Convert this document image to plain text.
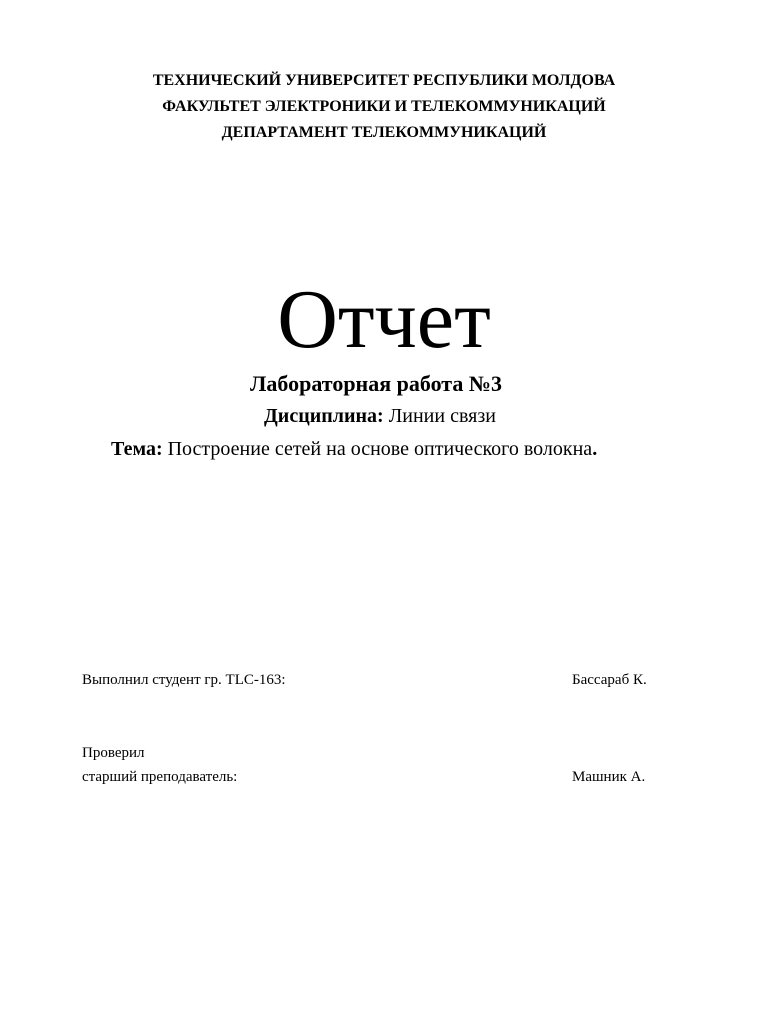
ТЕХНИЧЕСКИЙ УНИВЕРСИТЕТ РЕСПУБЛИКИ МОЛДОВА
ФАКУЛЬТЕТ ЭЛЕКТРОНИКИ И ТЕЛЕКОММУНИКАЦИЙ
ДЕПАРТАМЕНТ ТЕЛЕКОММУНИКАЦИЙ
Отчет
Лабораторная работа №3
Дисциплина: Линии связи
Тема: Построение сетей на основе оптического волокна.
Выполнил студент гр. TLC-163:	Бассараб К.
Проверил
старший преподаватель:	Машник А.
